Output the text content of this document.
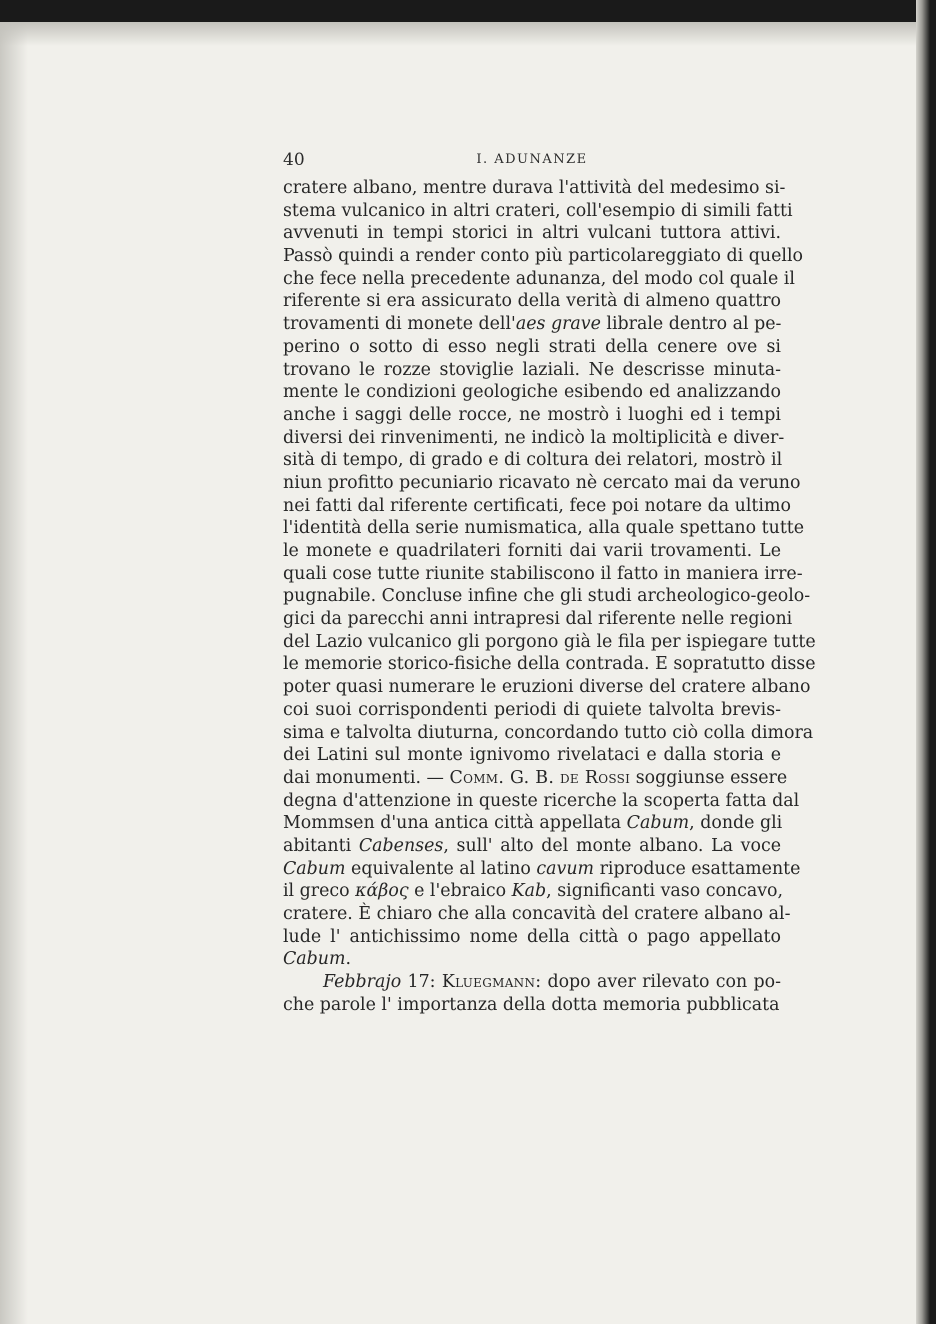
40	I. ADUNANZE
cratere albano, mentre durava l'attività del medesimo si-
stema vulcanico in altri crateri, coll'esempio di simili fatti
avvenuti in tempi storici in altri vulcani tuttora attivi.
Passò quindi a render conto più particolareggiato di quello
che fece nella precedente adunanza, del modo col quale il
riferente si era assicurato della verità di almeno quattro
trovamenti di monete dell'aes grave librale dentro al pe-
perino o sotto di esso negli strati della cenere ove si
trovano le rozze stoviglie laziali. Ne descrisse minuta-
mente le condizioni geologiche esibendo ed analizzando
anche i saggi delle rocce, ne mostrò i luoghi ed i tempi
diversi dei rinvenimenti, ne indicò la moltiplicità e diver-
sità di tempo, di grado e di coltura dei relatori, mostrò il
niun profitto pecuniario ricavato nè cercato mai da veruno
nei fatti dal riferente certificati, fece poi notare da ultimo
l'identità della serie numismatica, alla quale spettano tutte
le monete e quadrilateri forniti dai varii trovamenti. Le
quali cose tutte riunite stabiliscono il fatto in maniera irre-
pugnabile. Concluse infine che gli studi archeologico-geolo-
gici da parecchi anni intrapresi dal riferente nelle regioni
del Lazio vulcanico gli porgono già le fila per ispiegare tutte
le memorie storico-fisiche della contrada. E sopratutto disse
poter quasi numerare le eruzioni diverse del cratere albano
coi suoi corrispondenti periodi di quiete talvolta brevis-
sima e talvolta diuturna, concordando tutto ciò colla dimora
dei Latini sul monte ignivomo rivelataci e dalla storia e
dai monumenti. — Comm. G. B. de Rossi soggiunse essere
degna d'attenzione in queste ricerche la scoperta fatta dal
Mommsen d'una antica città appellata Cabum, donde gli
abitanti Cabenses, sull' alto del monte albano. La voce
Cabum equivalente al latino cavum riproduce esattamente
il greco κάβος e l'ebraico Kab, significanti vaso concavo,
cratere. È chiaro che alla concavità del cratere albano al-
lude l' antichissimo nome della città o pago appellato
Cabum.
Febbrajo 17: Kluegmann: dopo aver rilevato con po-
che parole l' importanza della dotta memoria pubblicata
